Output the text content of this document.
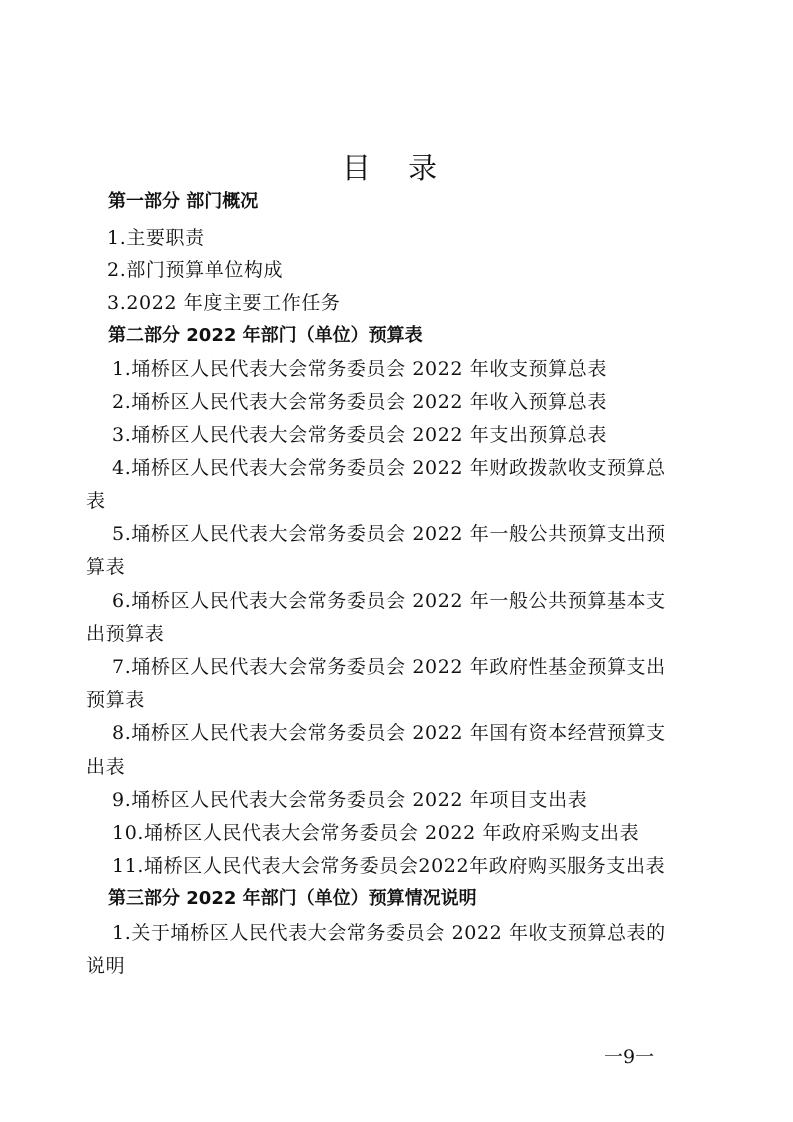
目 录
第一部分 部门概况
1.主要职责
2.部门预算单位构成
3.2022 年度主要工作任务
第二部分 2022 年部门（单位）预算表
1.埇桥区人民代表大会常务委员会 2022 年收支预算总表
2.埇桥区人民代表大会常务委员会 2022 年收入预算总表
3.埇桥区人民代表大会常务委员会 2022 年支出预算总表
4.埇桥区人民代表大会常务委员会 2022 年财政拨款收支预算总
表
5.埇桥区人民代表大会常务委员会 2022 年一般公共预算支出预
算表
6.埇桥区人民代表大会常务委员会 2022 年一般公共预算基本支
出预算表
7.埇桥区人民代表大会常务委员会 2022 年政府性基金预算支出
预算表
8.埇桥区人民代表大会常务委员会 2022 年国有资本经营预算支
出表
9.埇桥区人民代表大会常务委员会 2022 年项目支出表
10.埇桥区人民代表大会常务委员会 2022 年政府采购支出表
11.埇桥区人民代表大会常务委员会2022年政府购买服务支出表
第三部分 2022 年部门（单位）预算情况说明
1.关于埇桥区人民代表大会常务委员会 2022 年收支预算总表的
说明
一9一
